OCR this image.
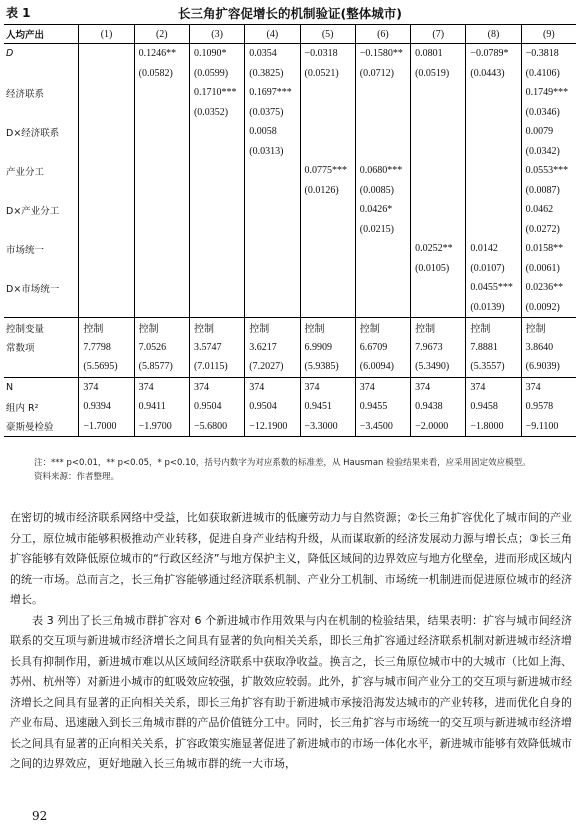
表 1	长三角扩容促增长的机制验证(整体城市)
人均产出	(1)	(2)	(3)	(4)	(5)	(6)	(7)	(8)	(9)
D		0.1246**	0.1090*	0.0354	−0.0318	−0.1580**	0.0801	−0.0789*	−0.3818
		(0.0582)	(0.0599)	(0.3825)	(0.0521)	(0.0712)	(0.0519)	(0.0443)	(0.4106)
经济联系			0.1710***	0.1697***					0.1749***
			(0.0352)	(0.0375)					(0.0346)
D×经济联系				0.0058					0.0079
				(0.0313)					(0.0342)
产业分工					0.0775***	0.0680***			0.0553***
					(0.0126)	(0.0085)			(0.0087)
D×产业分工						0.0426*			0.0462
						(0.0215)			(0.0272)
市场统一							0.0252**	0.0142	0.0158**
							(0.0105)	(0.0107)	(0.0061)
D×市场统一								0.0455***	0.0236**
								(0.0139)	(0.0092)
控制变量	控制	控制	控制	控制	控制	控制	控制	控制	控制
常数项	7.7798	7.0526	3.5747	3.6217	6.9909	6.6709	7.9673	7.8881	3.8640
	(5.5695)	(5.8577)	(7.0115)	(7.2027)	(5.9385)	(6.0094)	(5.3490)	(5.3557)	(6.9039)
N	374	374	374	374	374	374	374	374	374
组内 R²	0.9394	0.9411	0.9504	0.9504	0.9451	0.9455	0.9438	0.9458	0.9578
豪斯曼检验	−1.7000	−1.9700	−5.6800	−12.1900	−3.3000	−3.4500	−2.0000	−1.8000	−9.1100
注：*** p<0.01，** p<0.05，* p<0.10，括号内数字为对应系数的标准差，从 Hausman 检验结果来看，应采用固定效应模型。
资料来源：作者整理。

在密切的城市经济联系网络中受益，比如获取新进城市的低廉劳动力与自然资源；②长三角扩容优化了城市间的产业分工，原位城市能够积极推动产业转移，促进自身产业结构升级，从而谋取新的经济发展动力源与增长点；③长三角扩容能够有效降低原位城市的“行政区经济”与地方保护主义，降低区域间的边界效应与地方化壁垒，进而形成区域内的统一市场。总而言之，长三角扩容能够通过经济联系机制、产业分工机制、市场统一机制进而促进原位城市的经济增长。

表 3 列出了长三角城市群扩容对 6 个新进城市作用效果与内在机制的检验结果，结果表明：扩容与城市间经济联系的交互项与新进城市经济增长之间具有显著的负向相关关系，即长三角扩容通过经济联系机制对新进城市经济增长具有抑制作用，新进城市难以从区域间经济联系中获取净收益。换言之，长三角原位城市中的大城市（比如上海、苏州、杭州等）对新进小城市的虹吸效应较强，扩散效应较弱。此外，扩容与城市间产业分工的交互项与新进城市经济增长之间具有显著的正向相关关系，即长三角扩容有助于新进城市承接沿海发达城市的产业转移，进而优化自身的产业布局、迅速融入到长三角城市群的产品价值链分工中。同时，长三角扩容与市场统一的交互项与新进城市经济增长之间具有显著的正向相关关系，扩容政策实施显著促进了新进城市的市场一体化水平，新进城市能够有效降低城市之间的边界效应，更好地融入长三角城市群的统一大市场，

92
